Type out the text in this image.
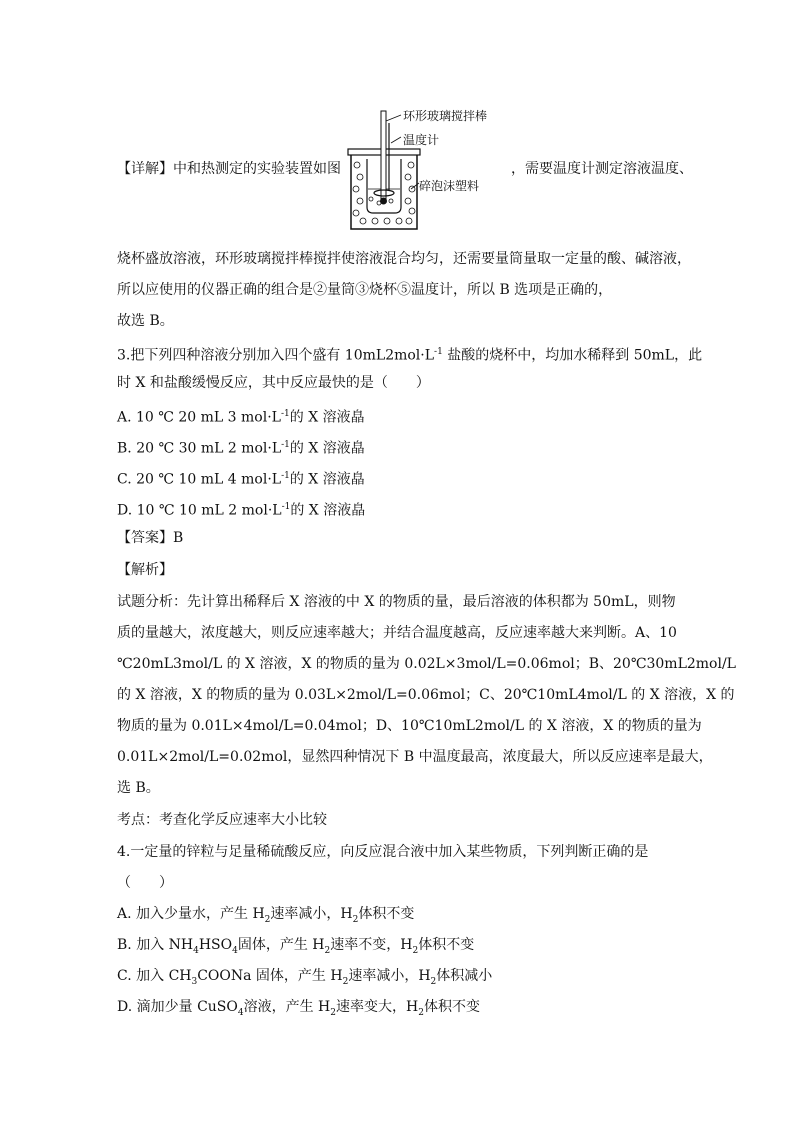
【详解】中和热测定的实验装置如图
环形玻璃搅拌棒
温度计
碎泡沫塑料
，需要温度计测定溶液温度、
烧杯盛放溶液，环形玻璃搅拌棒搅拌使溶液混合均匀，还需要量筒量取一定量的酸、碱溶液，
所以应使用的仪器正确的组合是②量筒③烧杯⑤温度计，所以 B 选项是正确的，
故选 B。
3.把下列四种溶液分别加入四个盛有 $10mL2mol\cdot L^{-1}$ 盐酸的烧杯中，均加水稀释到 50mL，此
时 X 和盐酸缓慢反应，其中反应最快的是（　　）
A. 10 ℃ 20 mL 3 $mol\cdot L^{-1}$的 X 溶液皛
B. 20 ℃ 30 mL 2 $mol\cdot L^{-1}$的 X 溶液皛
C. 20 ℃ 10 mL 4 $mol\cdot L^{-1}$的 X 溶液皛
D. 10 ℃ 10 mL 2 $mol\cdot L^{-1}$的 X 溶液皛
【答案】B
【解析】
试题分析：先计算出稀释后 X 溶液的中 X 的物质的量，最后溶液的体积都为 50mL，则物
质的量越大，浓度越大，则反应速率越大；并结合温度越高，反应速率越大来判断。A、10
℃20mL3mol/L 的 X 溶液，X 的物质的量为 0.02L×3mol/L=0.06mol；B、20℃30mL2mol/L
的 X 溶液，X 的物质的量为 0.03L×2mol/L=0.06mol；C、20℃10mL4mol/L 的 X 溶液，X 的
物质的量为 0.01L×4mol/L=0.04mol；D、10℃10mL2mol/L 的 X 溶液，X 的物质的量为
0.01L×2mol/L=0.02mol，显然四种情况下 B 中温度最高，浓度最大，所以反应速率是最大，
选 B。
考点：考查化学反应速率大小比较
4.一定量的锌粒与足量稀硫酸反应，向反应混合液中加入某些物质，下列判断正确的是
（　　）
A. 加入少量水，产生 $H_2$速率减小，$H_2$体积不变
B. 加入 $NH_4HSO_4$固体，产生 $H_2$速率不变，$H_2$体积不变
C. 加入 $CH_3COONa$ 固体，产生 $H_2$速率减小，$H_2$体积减小
D. 滴加少量 CuSO$_4$溶液，产生 $H_2$速率变大，$H_2$体积不变
